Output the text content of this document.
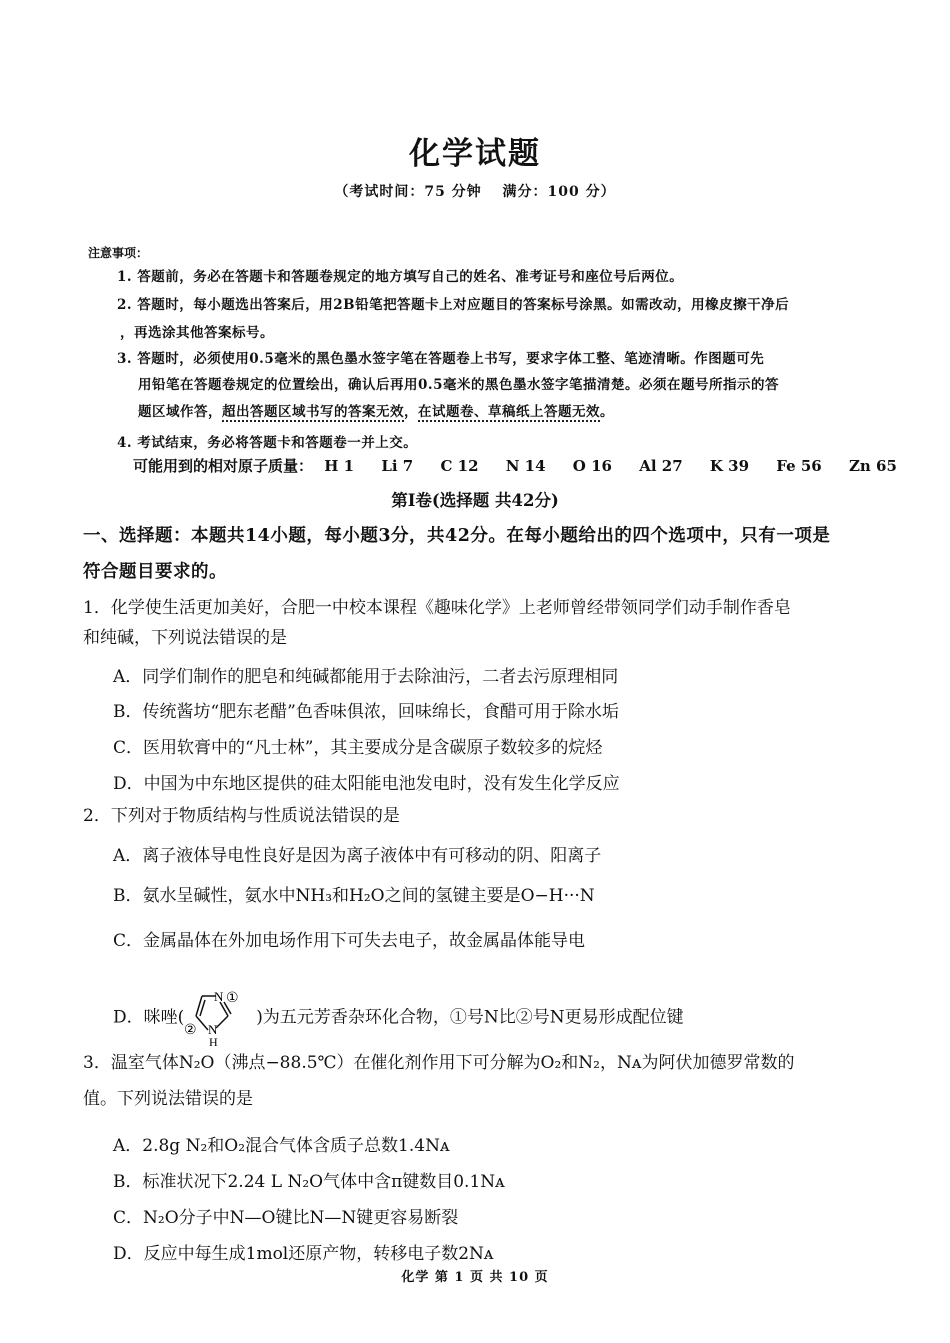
化学试题
（考试时间：75 分钟　 满分：100 分）
注意事项：
1. 答题前，务必在答题卡和答题卷规定的地方填写自己的姓名、准考证号和座位号后两位。
2. 答题时，每小题选出答案后，用2B铅笔把答题卡上对应题目的答案标号涂黑。如需改动，用橡皮擦干净后
，再选涂其他答案标号。
3. 答题时，必须使用0.5毫米的黑色墨水签字笔在答题卷上书写，要求字体工整、笔迹清晰。作图题可先
用铅笔在答题卷规定的位置绘出，确认后再用0.5毫米的黑色墨水签字笔描清楚。必须在题号所指示的答
题区域作答，超出答题区域书写的答案无效，在试题卷、草稿纸上答题无效。
4. 考试结束，务必将答题卡和答题卷一并上交。
可能用到的相对原子质量： H 1 Li 7 C 12 N 14 O 16 Al 27 K 39 Fe 56 Zn 65
第Ⅰ卷(选择题 共42分)
一、选择题：本题共14小题，每小题3分，共42分。在每小题给出的四个选项中，只有一项是
符合题目要求的。
1．化学使生活更加美好，合肥一中校本课程《趣味化学》上老师曾经带领同学们动手制作香皂
和纯碱，下列说法错误的是
A．同学们制作的肥皂和纯碱都能用于去除油污，二者去污原理相同
B．传统酱坊“肥东老醋”色香味俱浓，回味绵长，食醋可用于除水垢
C．医用软膏中的“凡士林”，其主要成分是含碳原子数较多的烷烃
D．中国为中东地区提供的硅太阳能电池发电时，没有发生化学反应
2．下列对于物质结构与性质说法错误的是
A．离子液体导电性良好是因为离子液体中有可移动的阴、阳离子
B．氨水呈碱性，氨水中NH₃和H₂O之间的氢键主要是O−H···N
C．金属晶体在外加电场作用下可失去电子，故金属晶体能导电
D．咪唑(
N ①
② N
H
)为五元芳香杂环化合物，①号N比②号N更易形成配位键
3．温室气体N₂O（沸点−88.5℃）在催化剂作用下可分解为O₂和N₂，Nᴀ为阿伏加德罗常数的
值。下列说法错误的是
A．2.8g N₂和O₂混合气体含质子总数1.4Nᴀ
B．标准状况下2.24 L N₂O气体中含π键数目0.1Nᴀ
C．N₂O分子中N—O键比N—N键更容易断裂
D．反应中每生成1mol还原产物，转移电子数2Nᴀ
化学 第 1 页 共 10 页
